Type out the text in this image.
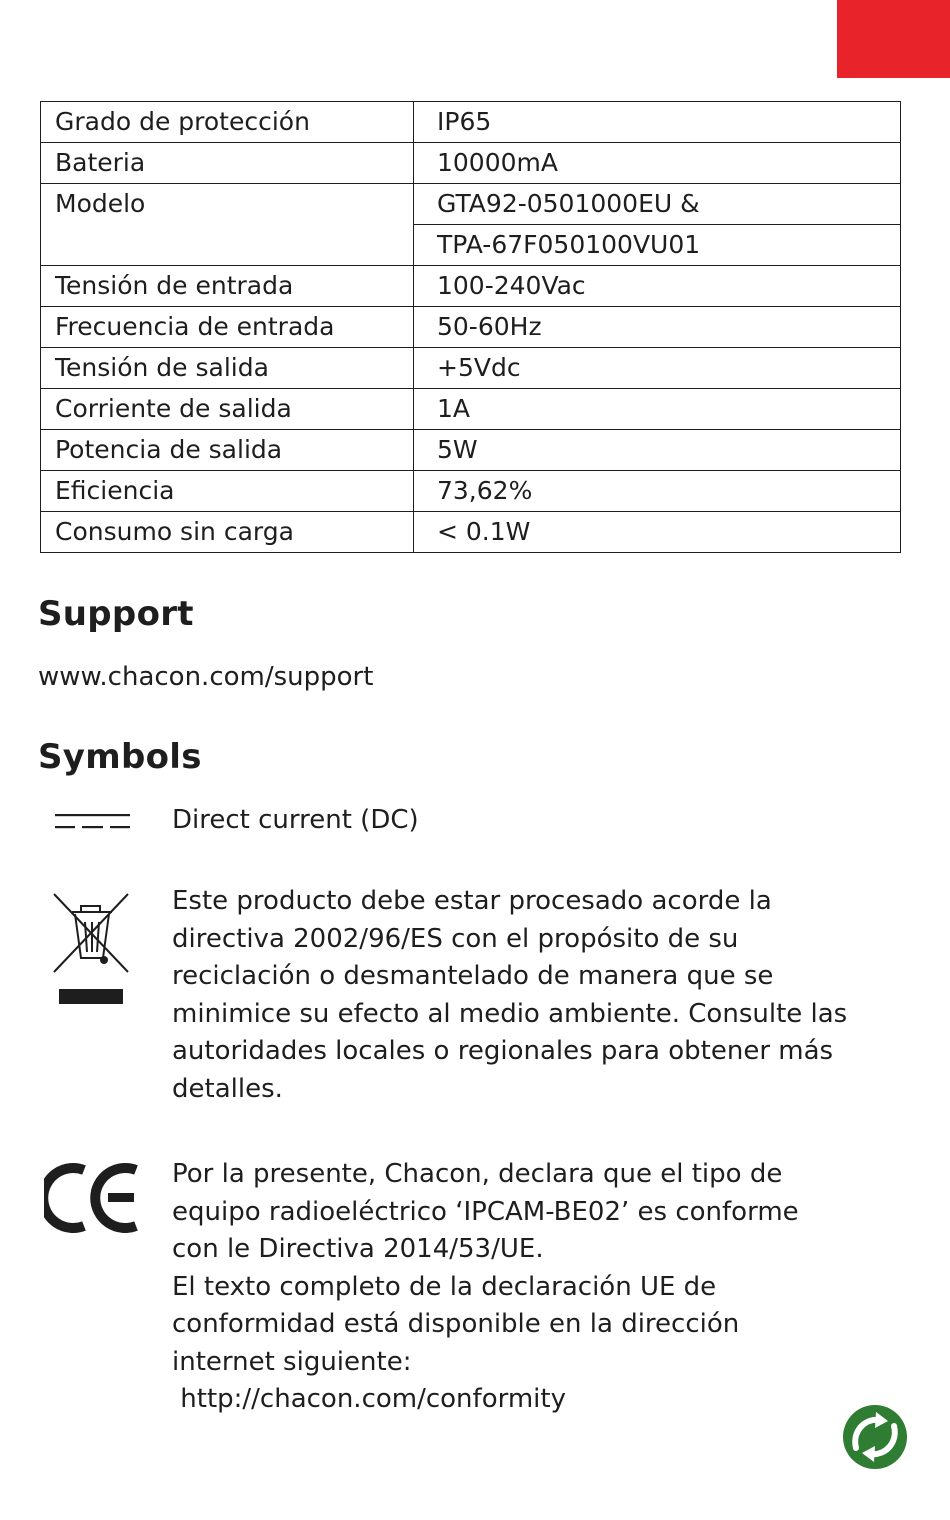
Grado de protección	IP65
Bateria	10000mA
Modelo	GTA92-0501000EU &
	TPA-67F050100VU01
Tensión de entrada	100-240Vac
Frecuencia de entrada	50-60Hz
Tensión de salida	+5Vdc
Corriente de salida	1A
Potencia de salida	5W
Eficiencia	73,62%
Consumo sin carga	< 0.1W
Support
www.chacon.com/support
Symbols
Direct current (DC)
Este producto debe estar procesado acorde la
directiva 2002/96/ES con el propósito de su
reciclación o desmantelado de manera que se
minimice su efecto al medio ambiente. Consulte las
autoridades locales o regionales para obtener más
detalles.
Por la presente, Chacon, declara que el tipo de
equipo radioeléctrico ‘IPCAM-BE02’ es conforme
con le Directiva 2014/53/UE.
El texto completo de la declaración UE de
conformidad está disponible en la dirección
internet siguiente:
http://chacon.com/conformity
